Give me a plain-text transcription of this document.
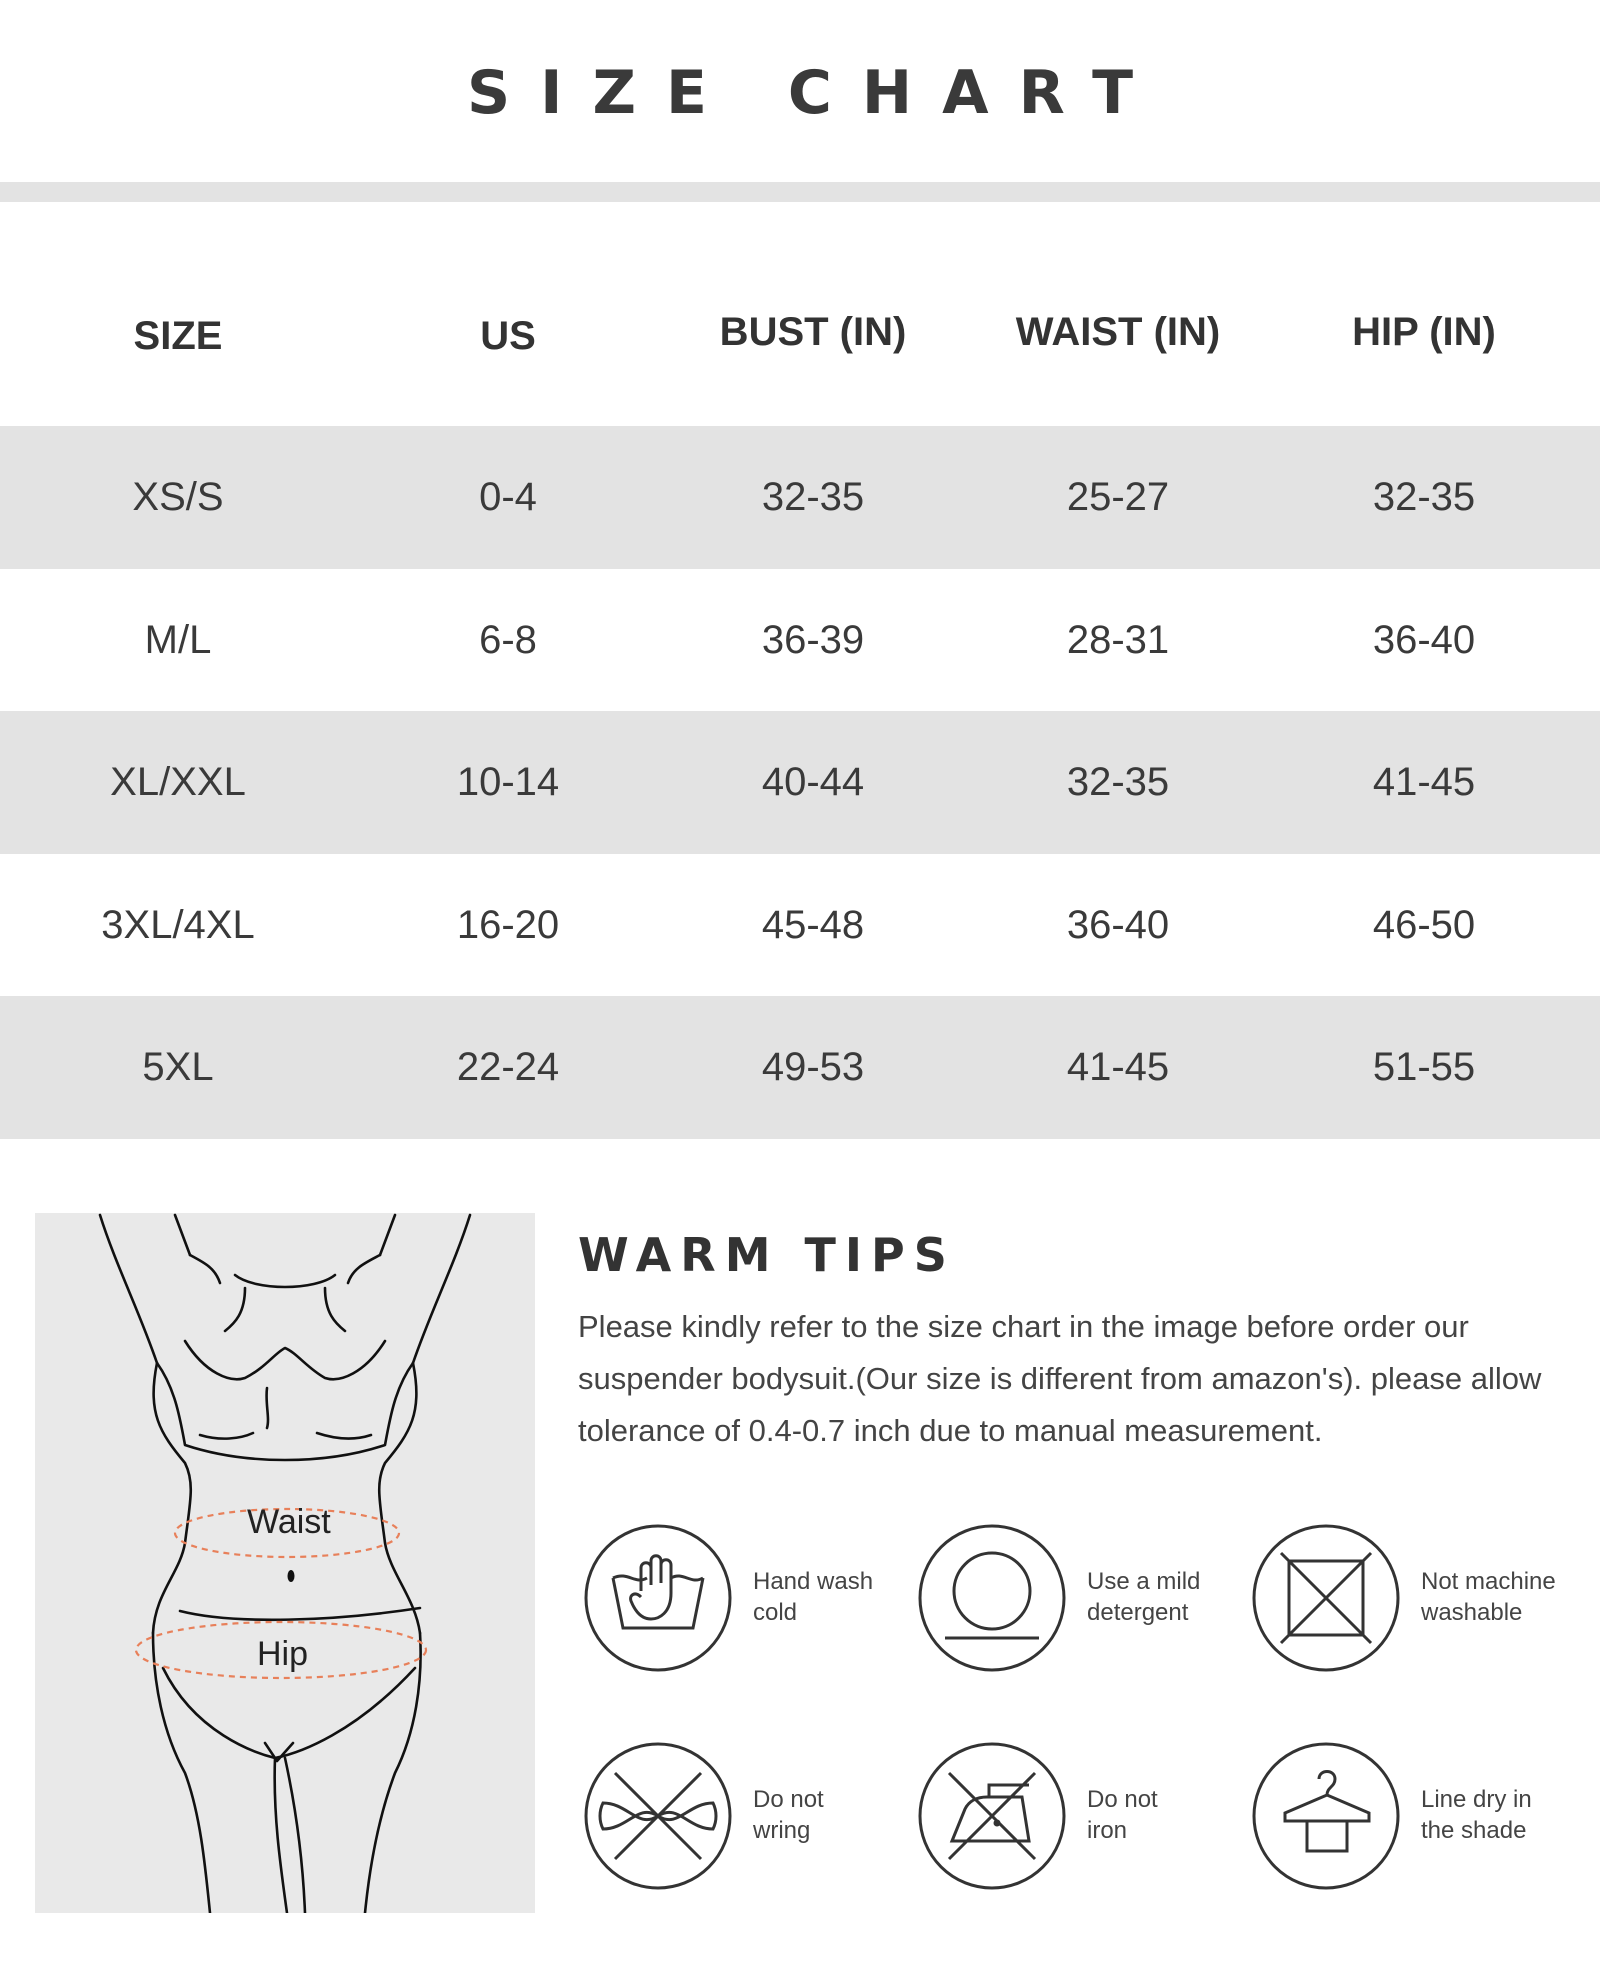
SIZE CHART
SIZE	US	BUST (IN)	WAIST (IN)	HIP (IN)
XS/S	0-4	32-35	25-27	32-35
M/L	6-8	36-39	28-31	36-40
XL/XXL	10-14	40-44	32-35	41-45
3XL/4XL	16-20	45-48	36-40	46-50
5XL	22-24	49-53	41-45	51-55
Waist
Hip
WARM TIPS
Please kindly refer to the size chart in the image before order our suspender bodysuit.(Our size is different from amazon's). please allow tolerance of 0.4-0.7 inch due to manual measurement.
Hand wash
cold
Use a mild
detergent
Not machine
washable
Do not
wring
Do not
iron
Line dry in
the shade
